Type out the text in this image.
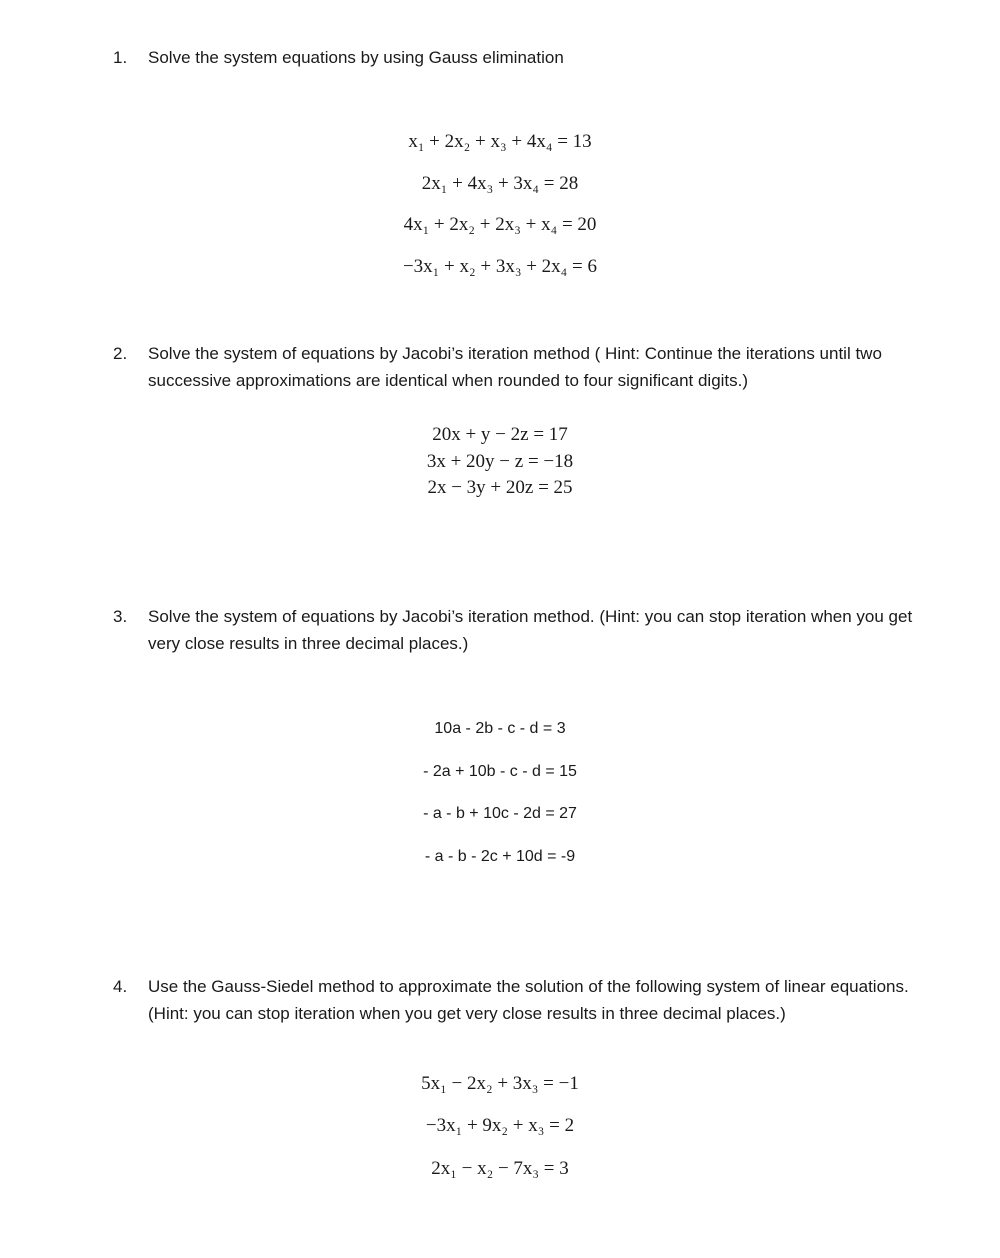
1. Solve the system equations by using Gauss elimination
x₁ + 2x₂ + x₃ + 4x₄ = 13
2x₁ + 4x₃ + 3x₄ = 28
4x₁ + 2x₂ + 2x₃ + x₄ = 20
−3x₁ + x₂ + 3x₃ + 2x₄ = 6
2. Solve the system of equations by Jacobi’s iteration method ( Hint: Continue the iterations until two successive approximations are identical when rounded to four significant digits.)
20x + y − 2z = 17
3x + 20y − z = −18
2x − 3y + 20z = 25
3. Solve the system of equations by Jacobi’s iteration method. (Hint: you can stop iteration when you get very close results in three decimal places.)
10a - 2b - c - d = 3
- 2a + 10b - c - d = 15
- a - b + 10c - 2d = 27
- a - b - 2c + 10d = -9
4. Use the Gauss-Siedel method to approximate the solution of the following system of linear equations. (Hint: you can stop iteration when you get very close results in three decimal places.)
5x₁ − 2x₂ + 3x₃ = −1
−3x₁ + 9x₂ + x₃ = 2
2x₁ − x₂ − 7x₃ = 3
